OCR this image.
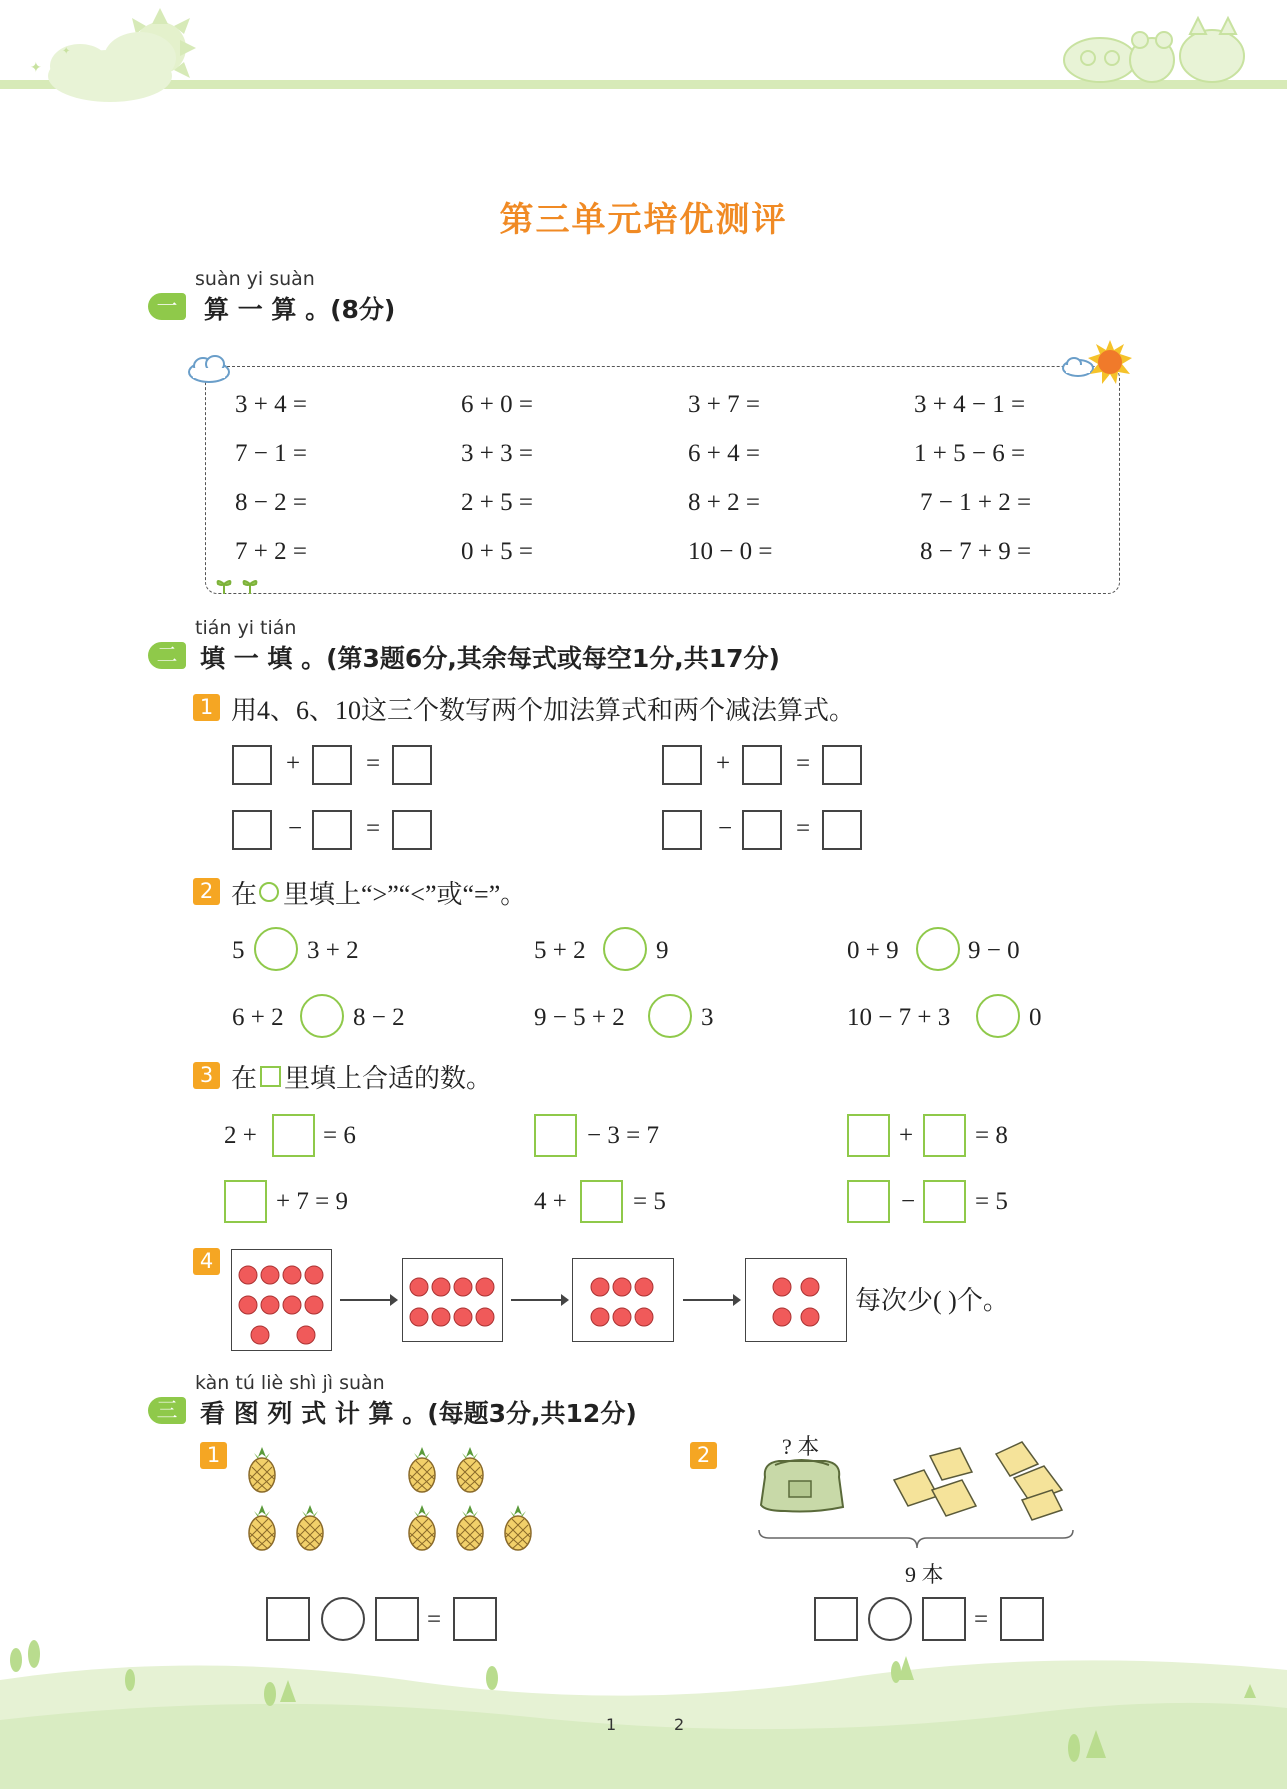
✦
✦
第三单元培优测评
suàn yi suàn
一	算 一 算 。(8分)
3 + 4 =	6 + 0 =	3 + 7 =	3 + 4 − 1 =
7 − 1 =	3 + 3 =	6 + 4 =	1 + 5 − 6 =
8 − 2 =	2 + 5 =	8 + 2 =	7 − 1 + 2 =
7 + 2 =	0 + 5 =	10 − 0 =	8 − 7 + 9 =
tián yi tián
二 填 一 填 。(第3题6分,其余每式或每空1分,共17分)
1 用4、6、10这三个数写两个加法算式和两个减法算式。
+	=	+	=
−	=	−	=
2 在 里填上“>”“<”或“=”。
5	3 + 2	5 + 2	9	0 + 9	9 − 0
6 + 2	8 − 2	9 − 5 + 2	3	10 − 7 + 3	0
3 在 里填上合适的数。
2 +	= 6	− 3 = 7	+ = 8
+ 7 = 9	4 +	= 5	− = 5
4
每次少( )个。
kàn tú liè shì jì suàn
三 看 图 列 式 计 算 。(每题3分,共12分)
1
=
2	? 本
9 本
=
1	2
